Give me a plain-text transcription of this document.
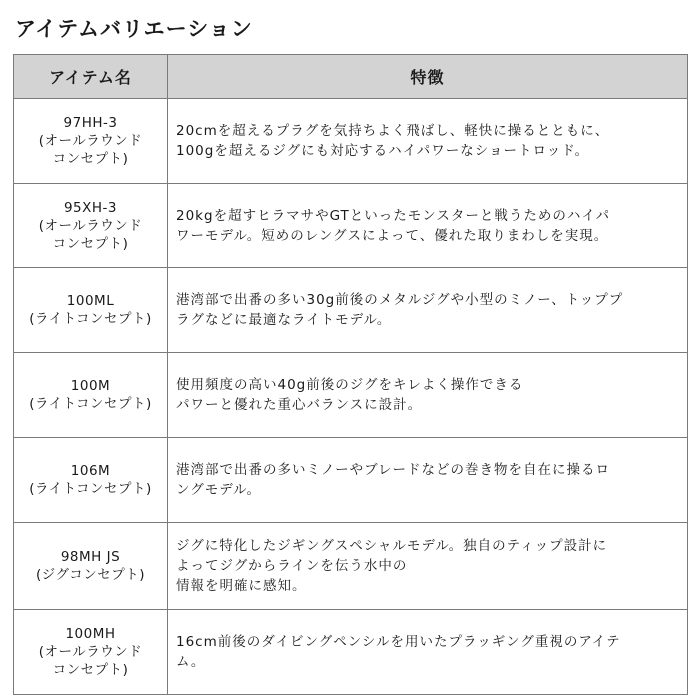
アイテムバリエーション
アイテム名	特徴
97HH-3
(オールラウンド
コンセプト)	20cmを超えるプラグを気持ちよく飛ばし、軽快に操るとともに、
100gを超えるジグにも対応するハイパワーなショートロッド。
95XH-3
(オールラウンド
コンセプト)	20kgを超すヒラマサやGTといったモンスターと戦うためのハイパ
ワーモデル。短めのレングスによって、優れた取りまわしを実現。
100ML
(ライトコンセプト)	港湾部で出番の多い30g前後のメタルジグや小型のミノー、トッププ
ラグなどに最適なライトモデル。
100M
(ライトコンセプト)	使用頻度の高い40g前後のジグをキレよく操作できる
パワーと優れた重心バランスに設計。
106M
(ライトコンセプト)	港湾部で出番の多いミノーやブレードなどの巻き物を自在に操るロ
ングモデル。
98MH JS
(ジグコンセプト)	ジグに特化したジギングスペシャルモデル。独自のティップ設計に
よってジグからラインを伝う水中の
情報を明確に感知。
100MH
(オールラウンド
コンセプト)	16cm前後のダイビングペンシルを用いたプラッギング重視のアイテ
ム。
